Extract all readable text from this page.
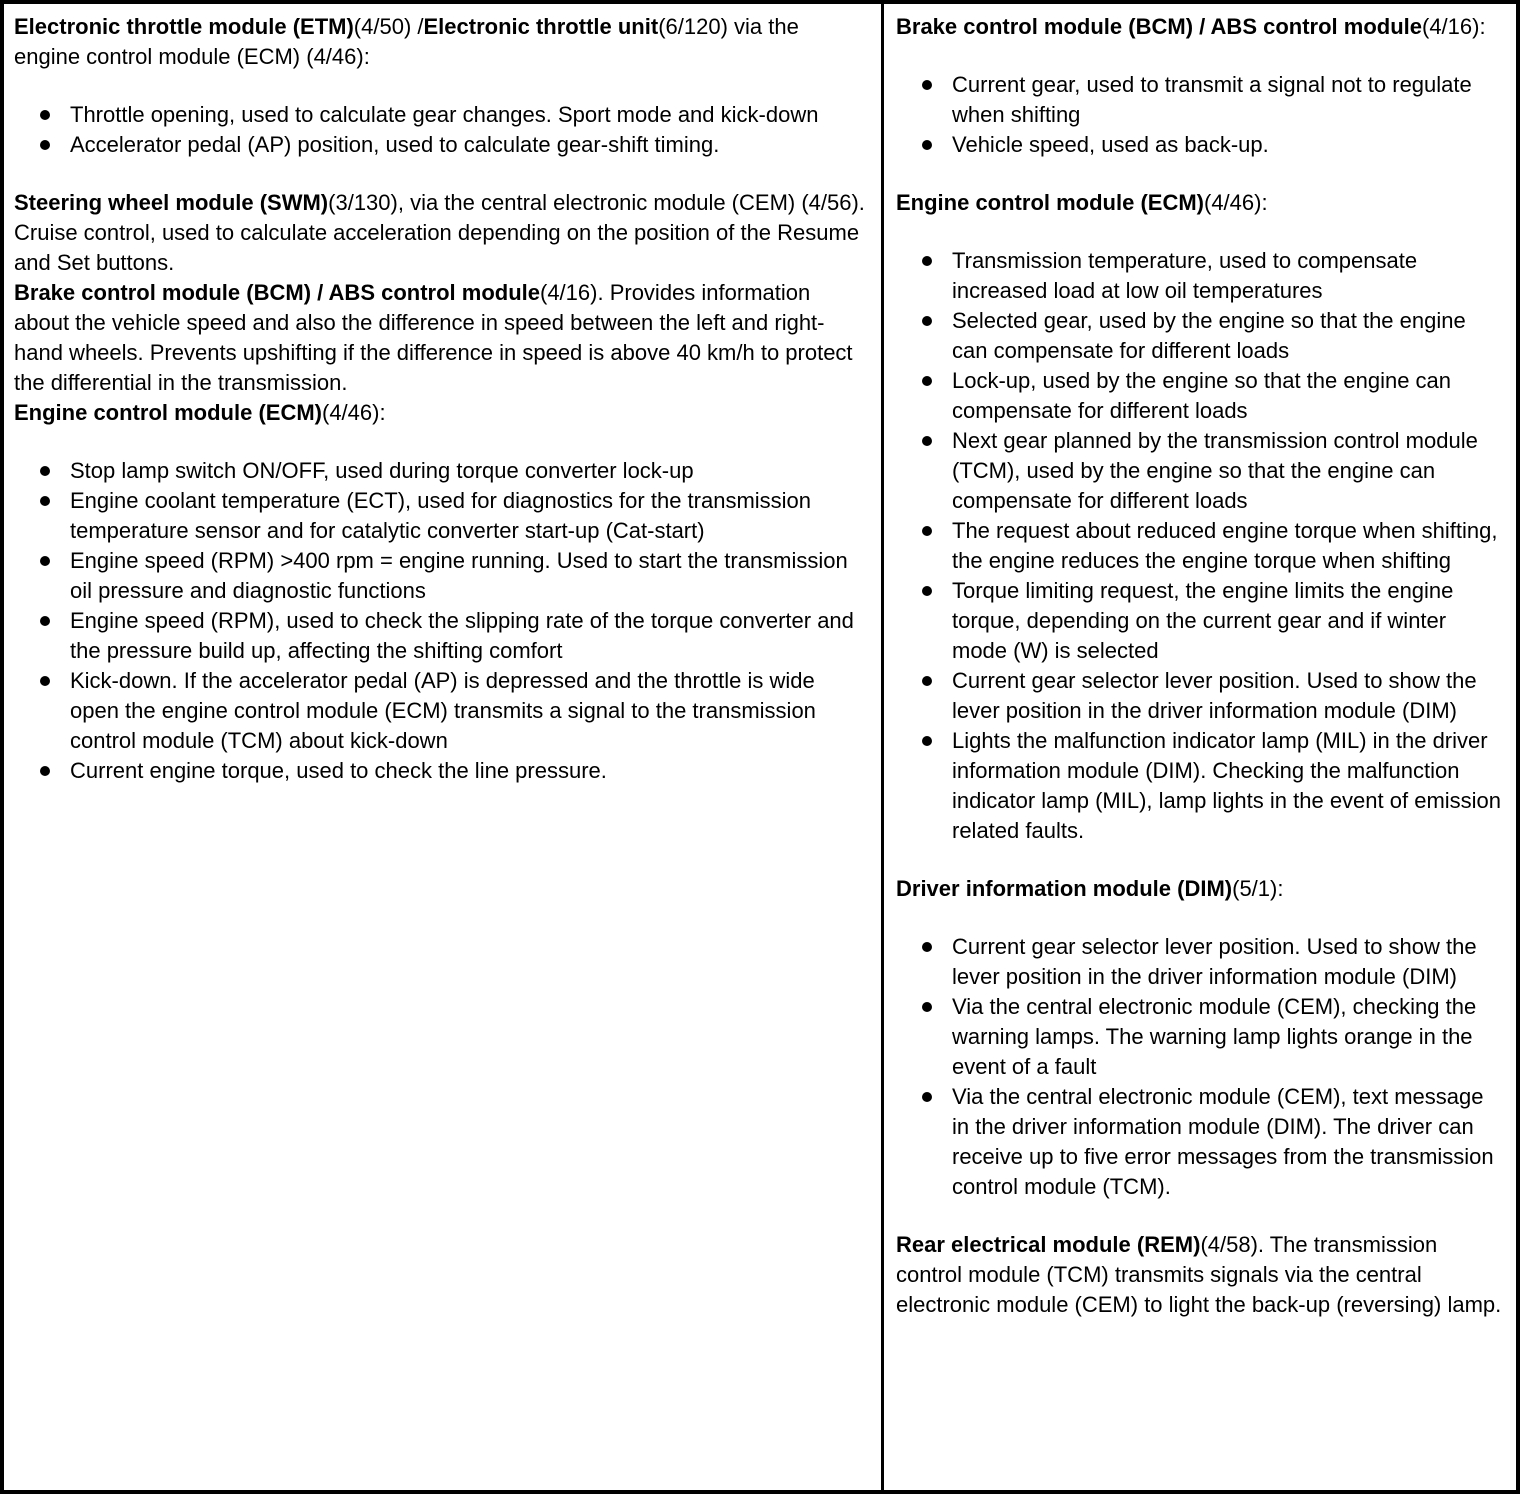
Electronic throttle module (ETM)(4/50) /Electronic throttle unit(6/120) via the engine control module (ECM) (4/46):

Throttle opening, used to calculate gear changes. Sport mode and kick-down
Accelerator pedal (AP) position, used to calculate gear-shift timing.

Steering wheel module (SWM)(3/130), via the central electronic module (CEM) (4/56). Cruise control, used to calculate acceleration depending on the position of the Resume and Set buttons.

Brake control module (BCM) / ABS control module(4/16). Provides information about the vehicle speed and also the difference in speed between the left and right-hand wheels. Prevents upshifting if the difference in speed is above 40 km/h to protect the differential in the transmission.

Engine control module (ECM)(4/46):

Stop lamp switch ON/OFF, used during torque converter lock-up
Engine coolant temperature (ECT), used for diagnostics for the transmission temperature sensor and for catalytic converter start-up (Cat-start)
Engine speed (RPM) >400 rpm = engine running. Used to start the transmission oil pressure and diagnostic functions
Engine speed (RPM), used to check the slipping rate of the torque converter and the pressure build up, affecting the shifting comfort
Kick-down. If the accelerator pedal (AP) is depressed and the throttle is wide open the engine control module (ECM) transmits a signal to the transmission control module (TCM) about kick-down
Current engine torque, used to check the line pressure.

Brake control module (BCM) / ABS control module(4/16):

Current gear, used to transmit a signal not to regulate when shifting
Vehicle speed, used as back-up.

Engine control module (ECM)(4/46):

Transmission temperature, used to compensate increased load at low oil temperatures
Selected gear, used by the engine so that the engine can compensate for different loads
Lock-up, used by the engine so that the engine can compensate for different loads
Next gear planned by the transmission control module (TCM), used by the engine so that the engine can compensate for different loads
The request about reduced engine torque when shifting, the engine reduces the engine torque when shifting
Torque limiting request, the engine limits the engine torque, depending on the current gear and if winter mode (W) is selected
Current gear selector lever position. Used to show the lever position in the driver information module (DIM)
Lights the malfunction indicator lamp (MIL) in the driver information module (DIM). Checking the malfunction indicator lamp (MIL), lamp lights in the event of emission related faults.

Driver information module (DIM)(5/1):

Current gear selector lever position. Used to show the lever position in the driver information module (DIM)
Via the central electronic module (CEM), checking the warning lamps. The warning lamp lights orange in the event of a fault
Via the central electronic module (CEM), text message in the driver information module (DIM). The driver can receive up to five error messages from the transmission control module (TCM).

Rear electrical module (REM)(4/58). The transmission control module (TCM) transmits signals via the central electronic module (CEM) to light the back-up (reversing) lamp.
